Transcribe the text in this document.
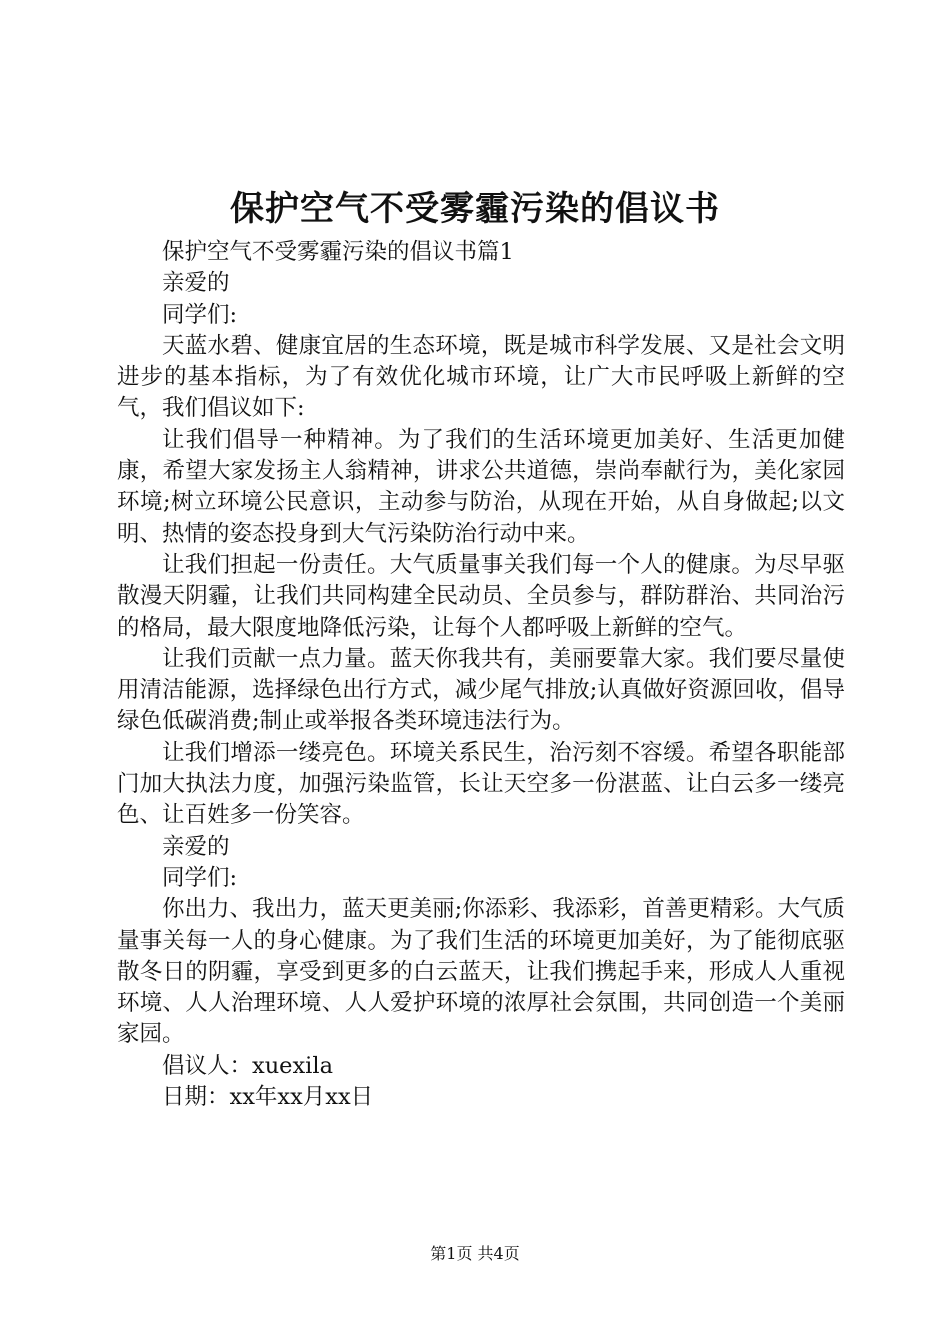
保护空气不受雾霾污染的倡议书

保护空气不受雾霾污染的倡议书篇1

亲爱的

同学们:

天蓝水碧、健康宜居的生态环境，既是城市科学发展、又是社会文明进步的基本指标，为了有效优化城市环境，让广大市民呼吸上新鲜的空气，我们倡议如下:

让我们倡导一种精神。为了我们的生活环境更加美好、生活更加健康，希望大家发扬主人翁精神，讲求公共道德，崇尚奉献行为，美化家园环境;树立环境公民意识，主动参与防治，从现在开始，从自身做起;以文明、热情的姿态投身到大气污染防治行动中来。

让我们担起一份责任。大气质量事关我们每一个人的健康。为尽早驱散漫天阴霾，让我们共同构建全民动员、全员参与，群防群治、共同治污的格局，最大限度地降低污染，让每个人都呼吸上新鲜的空气。

让我们贡献一点力量。蓝天你我共有，美丽要靠大家。我们要尽量使用清洁能源，选择绿色出行方式，减少尾气排放;认真做好资源回收，倡导绿色低碳消费;制止或举报各类环境违法行为。

让我们增添一缕亮色。环境关系民生，治污刻不容缓。希望各职能部门加大执法力度，加强污染监管，长让天空多一份湛蓝、让白云多一缕亮色、让百姓多一份笑容。

亲爱的

同学们:

你出力、我出力，蓝天更美丽;你添彩、我添彩，首善更精彩。大气质量事关每一人的身心健康。为了我们生活的环境更加美好，为了能彻底驱散冬日的阴霾，享受到更多的白云蓝天，让我们携起手来，形成人人重视环境、人人治理环境、人人爱护环境的浓厚社会氛围，共同创造一个美丽家园。

倡议人：xuexila

日期：xx年xx月xx日

第1页 共4页
